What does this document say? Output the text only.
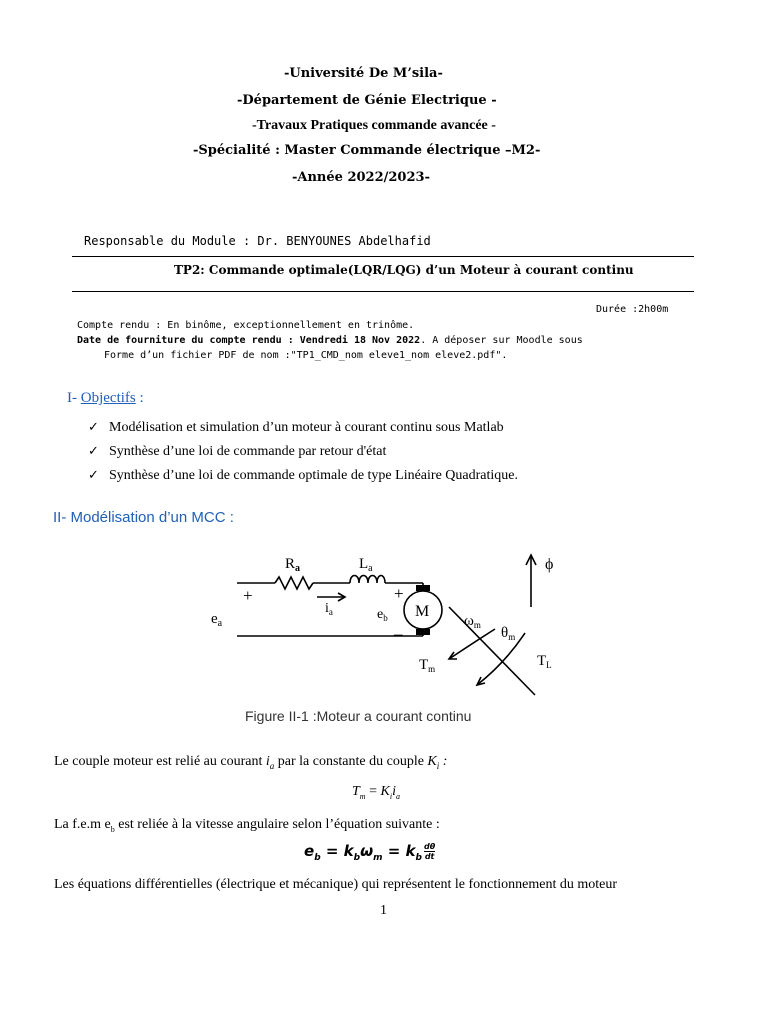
-Université De M’sila-

-Département de Génie Electrique -

-Travaux Pratiques commande avancée -

-Spécialité : Master Commande électrique –M2-

-Année 2022/2023-

Responsable du Module : Dr. BENYOUNES Abdelhafid

TP2: Commande optimale(LQR/LQG) d’un Moteur à courant continu

Durée :2h00m

Compte rendu : En binôme, exceptionnellement en trinôme.

Date de fourniture du compte rendu : Vendredi 18 Nov 2022. A déposer sur Moodle sous

Forme d’un fichier PDF de nom :"TP1_CMD_nom eleve1_nom eleve2.pdf".

I- Objectifs :

✓ Modélisation et simulation d’un moteur à courant continu sous Matlab

✓ Synthèse d’une loi de commande par retour d'état

✓ Synthèse d’une loi de commande optimale de type Linéaire Quadratique.

II- Modélisation d’un MCC :

$R_a$	$L_a$
+	+
–	–
$i_a$
$e_a$
$e_b$ M
ϕ
$\omega_m$ $\theta_m$
$T_m$	$T_L$

Figure II-1 :Moteur a courant continu

Le couple moteur est relié au courant $i_a$ par la constante du couple $K_i$ :

$T_m = K_ii_a$

La f.e.m $e_b$ est reliée à la vitesse angulaire selon l’équation suivante :

$e_b = k_b\omega_m = k_b \frac{d\theta}{dt}$

Les équations différentielles (électrique et mécanique) qui représentent le fonctionnement du moteur

1
